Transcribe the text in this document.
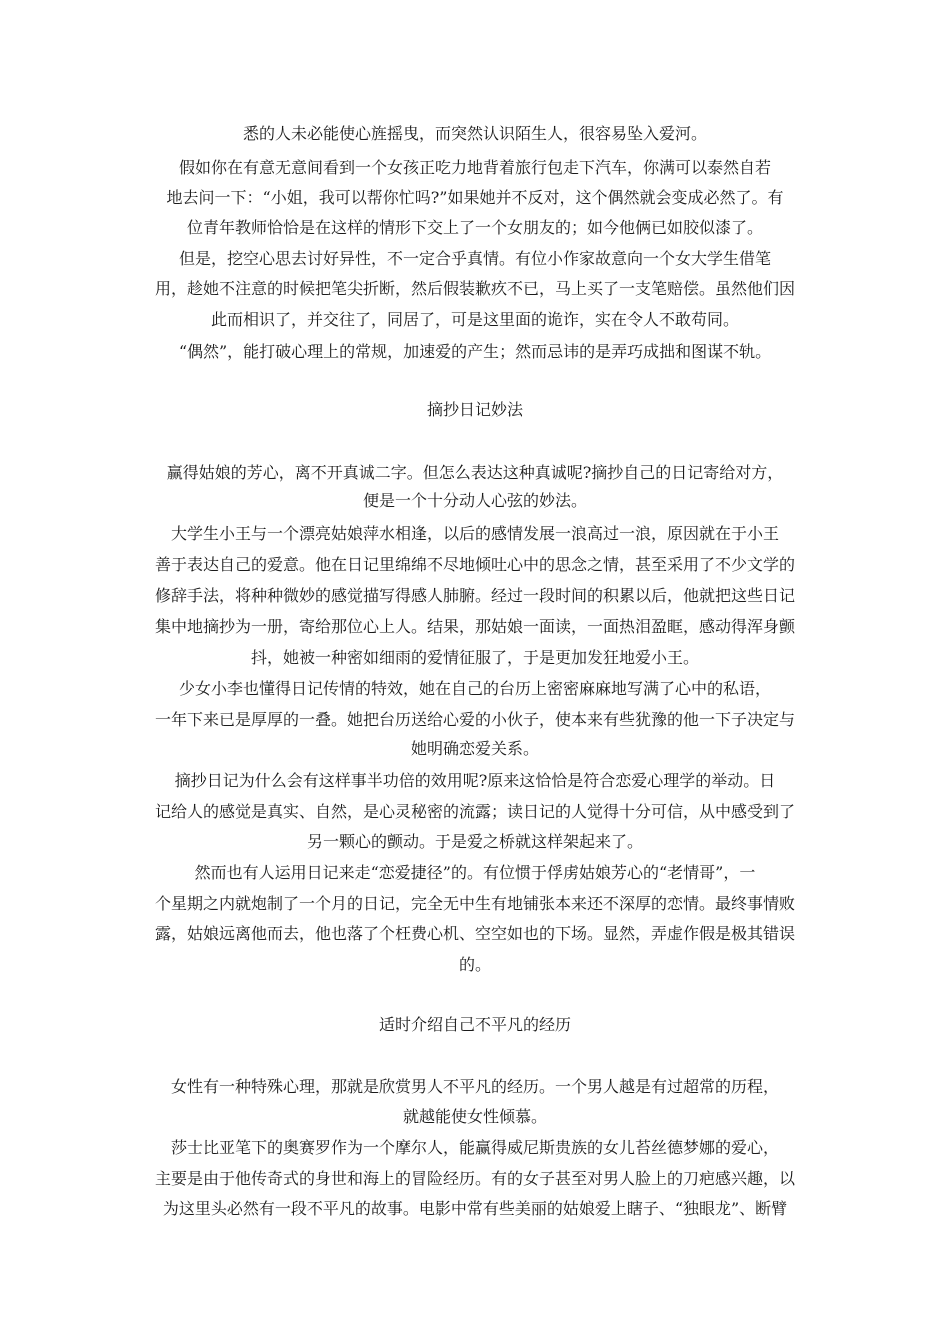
悉的人未必能使心旌摇曳，而突然认识陌生人，很容易坠入爱河。
假如你在有意无意间看到一个女孩正吃力地背着旅行包走下汽车，你满可以泰然自若
地去问一下：“小姐，我可以帮你忙吗?”如果她并不反对，这个偶然就会变成必然了。有
位青年教师恰恰是在这样的情形下交上了一个女朋友的；如今他俩已如胶似漆了。
但是，挖空心思去讨好异性，不一定合乎真情。有位小作家故意向一个女大学生借笔
用，趁她不注意的时候把笔尖折断，然后假装歉疚不已，马上买了一支笔赔偿。虽然他们因
此而相识了，并交往了，同居了，可是这里面的诡诈，实在令人不敢苟同。
“偶然”，能打破心理上的常规，加速爱的产生；然而忌讳的是弄巧成拙和图谋不轨。
摘抄日记妙法
赢得姑娘的芳心，离不开真诚二字。但怎么表达这种真诚呢?摘抄自己的日记寄给对方，
便是一个十分动人心弦的妙法。
大学生小王与一个漂亮姑娘萍水相逢，以后的感情发展一浪高过一浪，原因就在于小王
善于表达自己的爱意。他在日记里绵绵不尽地倾吐心中的思念之情，甚至采用了不少文学的
修辞手法，将种种微妙的感觉描写得感人肺腑。经过一段时间的积累以后，他就把这些日记
集中地摘抄为一册，寄给那位心上人。结果，那姑娘一面读，一面热泪盈眶，感动得浑身颤
抖，她被一种密如细雨的爱情征服了，于是更加发狂地爱小王。
少女小李也懂得日记传情的特效，她在自己的台历上密密麻麻地写满了心中的私语，
一年下来已是厚厚的一叠。她把台历送给心爱的小伙子，使本来有些犹豫的他一下子决定与
她明确恋爱关系。
摘抄日记为什么会有这样事半功倍的效用呢?原来这恰恰是符合恋爱心理学的举动。日
记给人的感觉是真实、自然，是心灵秘密的流露；读日记的人觉得十分可信，从中感受到了
另一颗心的颤动。于是爱之桥就这样架起来了。
然而也有人运用日记来走“恋爱捷径”的。有位惯于俘虏姑娘芳心的“老情哥”，一
个星期之内就炮制了一个月的日记，完全无中生有地铺张本来还不深厚的恋情。最终事情败
露，姑娘远离他而去，他也落了个枉费心机、空空如也的下场。显然，弄虚作假是极其错误
的。
适时介绍自己不平凡的经历
女性有一种特殊心理，那就是欣赏男人不平凡的经历。一个男人越是有过超常的历程，
就越能使女性倾慕。
莎士比亚笔下的奥赛罗作为一个摩尔人，能赢得威尼斯贵族的女儿苔丝德梦娜的爱心，
主要是由于他传奇式的身世和海上的冒险经历。有的女子甚至对男人脸上的刀疤感兴趣，以
为这里头必然有一段不平凡的故事。电影中常有些美丽的姑娘爱上瞎子、“独眼龙”、断臂
